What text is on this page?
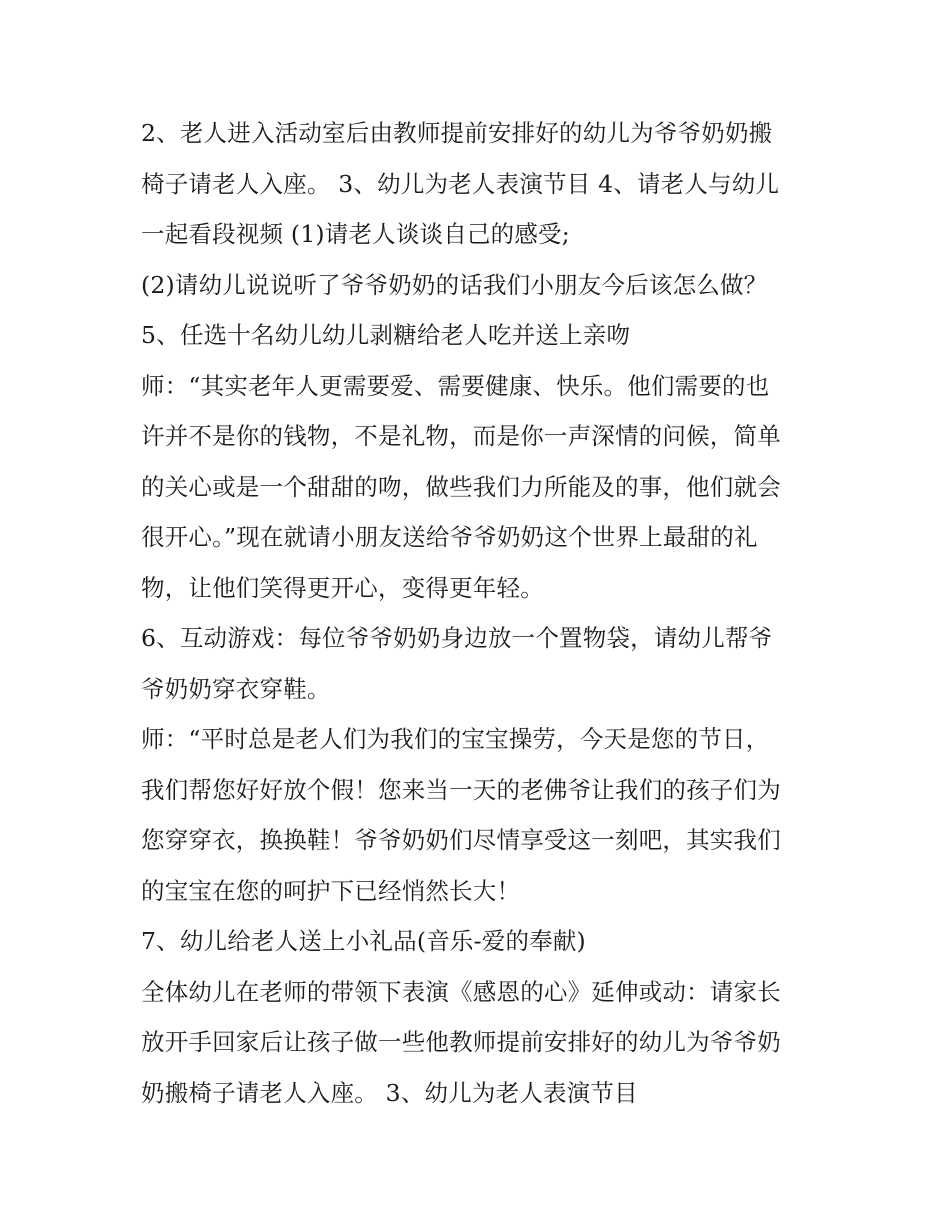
2、老人进入活动室后由教师提前安排好的幼儿为爷爷奶奶搬
椅子请老人入座。 3、幼儿为老人表演节目 4、请老人与幼儿
一起看段视频 (1)请老人谈谈自己的感受;
(2)请幼儿说说听了爷爷奶奶的话我们小朋友今后该怎么做？
5、任选十名幼儿幼儿剥糖给老人吃并送上亲吻
师：“其实老年人更需要爱、需要健康、快乐。他们需要的也
许并不是你的钱物，不是礼物，而是你一声深情的问候，简单
的关心或是一个甜甜的吻，做些我们力所能及的事，他们就会
很开心。”现在就请小朋友送给爷爷奶奶这个世界上最甜的礼
物，让他们笑得更开心，变得更年轻。
6、互动游戏：每位爷爷奶奶身边放一个置物袋，请幼儿帮爷
爷奶奶穿衣穿鞋。
师：“平时总是老人们为我们的宝宝操劳，今天是您的节日，
我们帮您好好放个假！您来当一天的老佛爷让我们的孩子们为
您穿穿衣，换换鞋！爷爷奶奶们尽情享受这一刻吧，其实我们
的宝宝在您的呵护下已经悄然长大！
7、幼儿给老人送上小礼品(音乐-爱的奉献)
全体幼儿在老师的带领下表演《感恩的心》延伸或动：请家长
放开手回家后让孩子做一些他教师提前安排好的幼儿为爷爷奶
奶搬椅子请老人入座。 3、幼儿为老人表演节目
